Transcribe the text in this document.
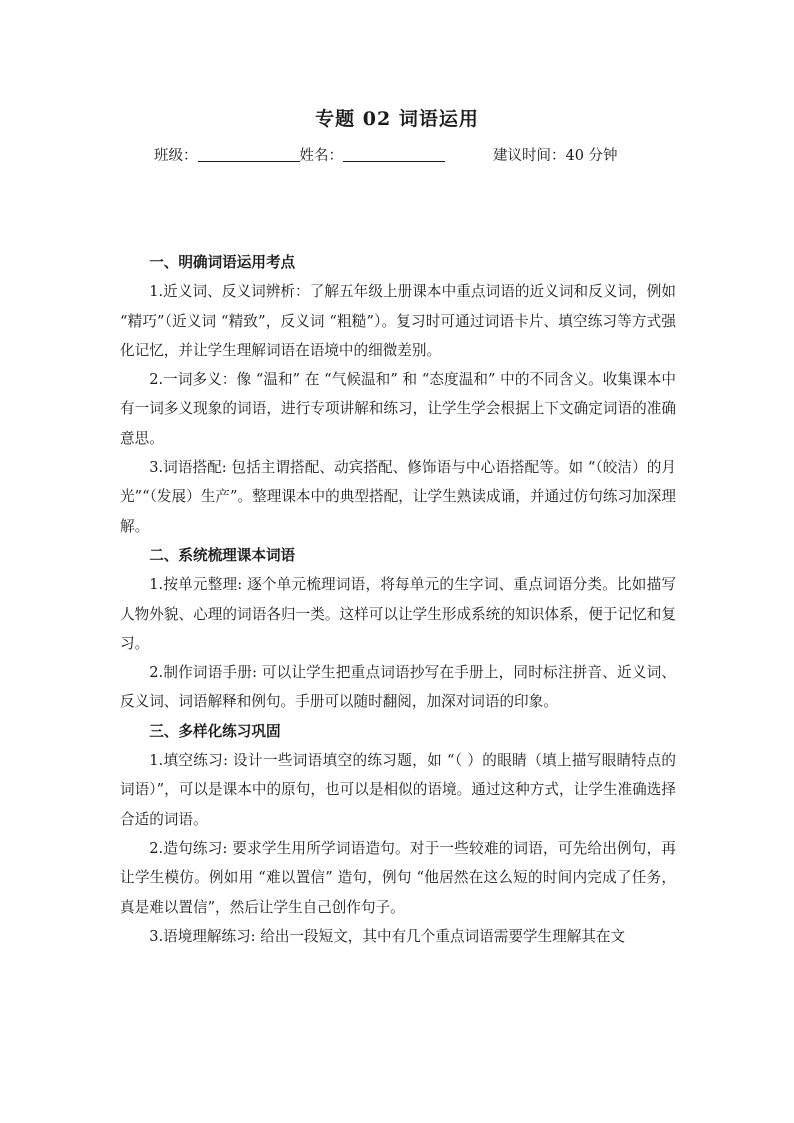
专题 02 词语运用
班级：	姓名：	建议时间：40 分钟
一、明确词语运用考点

1.近义词、反义词辨析：了解五年级上册课本中重点词语的近义词和反义词，例如 “精巧”（近义词 “精致”，反义词 “粗糙”）。复习时可通过词语卡片、填空练习等方式强化记忆，并让学生理解词语在语境中的细微差别。

2.一词多义：像 “温和” 在 “气候温和” 和 “态度温和” 中的不同含义。收集课本中有一词多义现象的词语，进行专项讲解和练习，让学生学会根据上下文确定词语的准确意思。

3.词语搭配: 包括主谓搭配、动宾搭配、修饰语与中心语搭配等。如 “（皎洁）的月光”“（发展）生产”。整理课本中的典型搭配，让学生熟读成诵，并通过仿句练习加深理解。

二、系统梳理课本词语

1.按单元整理: 逐个单元梳理词语，将每单元的生字词、重点词语分类。比如描写人物外貌、心理的词语各归一类。这样可以让学生形成系统的知识体系，便于记忆和复习。

2.制作词语手册: 可以让学生把重点词语抄写在手册上，同时标注拼音、近义词、反义词、词语解释和例句。手册可以随时翻阅，加深对词语的印象。

三、多样化练习巩固

1.填空练习: 设计一些词语填空的练习题，如 “（ ）的眼睛（填上描写眼睛特点的词语）”，可以是课本中的原句，也可以是相似的语境。通过这种方式，让学生准确选择合适的词语。

2.造句练习: 要求学生用所学词语造句。对于一些较难的词语，可先给出例句，再让学生模仿。例如用 “难以置信” 造句，例句 “他居然在这么短的时间内完成了任务，真是难以置信”，然后让学生自己创作句子。

3.语境理解练习: 给出一段短文，其中有几个重点词语需要学生理解其在文
